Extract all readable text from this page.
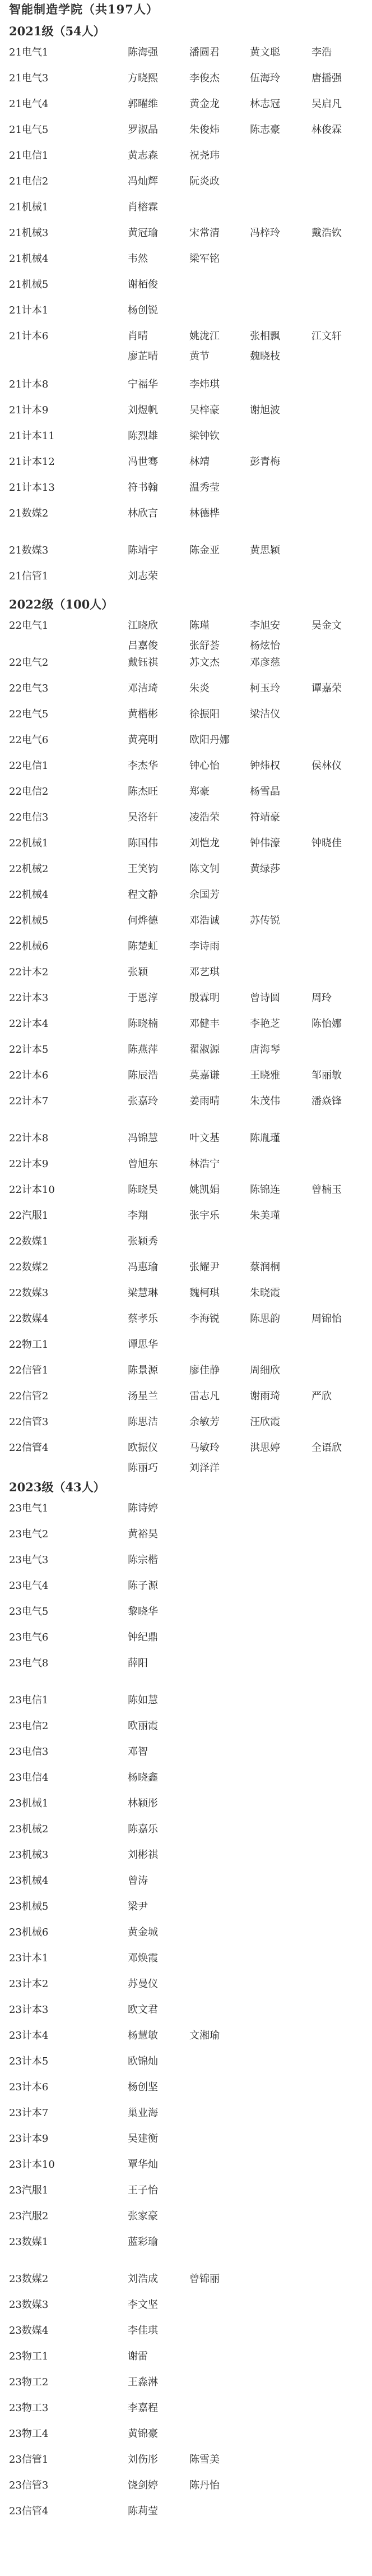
智能制造学院（共197人）
2021级（54人）
21电气1	陈海强	潘圆君	黄文聪	李浩
21电气3	方晓熙	李俊杰	伍海玲	唐播强
21电气4	郭曜维	黄金龙	林志冠	吴启凡
21电气5	罗淑晶	朱俊炜	陈志豪	林俊霖
21电信1	黄志森	祝尧玮
21电信2	冯灿辉	阮炎政
21机械1	肖榕霖
21机械3	黄冠瑜	宋常清	冯梓玲	戴浩钦
21机械4	韦然	梁军铭
21机械5	谢栢俊
21计本1	杨创锐
21计本6	肖晴	姚泷江	张相飘	江文轩
廖芷晴	黄节	魏晓枝
21计本8	宁福华	李炜琪
21计本9	刘煜帆	吴梓豪	谢旭波
21计本11	陈烈雄	梁钟钦
21计本12	冯世骞	林靖	彭青梅
21计本13	符书翰	温秀莹
21数媒2	林欣言	林德桦
21数媒3	陈靖宇	陈金亚	黄思颖
21信管1	刘志荣
2022级（100人）
22电气1	江晓欣	陈瑾	李旭安	吴金文
吕嘉俊	张舒荟	杨炫怡
22电气2	戴钰祺	苏文杰	邓彦慈
22电气3	邓洁琦	朱炎	柯玉玲	谭嘉荣
22电气5	黄楷彬	徐振阳	梁洁仪
22电气6	黄亮明	欧阳丹娜
22电信1	李杰华	钟心怡	钟炜权	侯林仪
22电信2	陈杰旺	郑豪	杨雪晶
22电信3	吴洛轩	凌浩荣	符靖豪
22机械1	陈国伟	刘恺龙	钟伟濠	钟晓佳
22机械2	王笑钧	陈文钊	黄绿莎
22机械4	程文静	余国芳
22机械5	何烨德	邓浩诚	苏传锐
22机械6	陈楚虹	李诗雨
22计本2	张颖	邓艺琪
22计本3	于恩淳	殷霖明	曾诗圆	周玲
22计本4	陈晓楠	邓健丰	李艳芝	陈怡娜
22计本5	陈燕萍	翟淑源	唐海琴
22计本6	陈辰浩	莫嘉谦	王晓雅	邹丽敏
22计本7	张嘉玲	姜雨晴	朱茂伟	潘焱锋
22计本8	冯锦慧	叶文基	陈胤瑾
22计本9	曾旭东	林浩宁
22计本10	陈晓昊	姚凯娟	陈锦连	曾楠玉
22汽服1	李翔	张宇乐	朱美瑾
22数媒1	张颖秀
22数媒2	冯惠瑜	张耀尹	蔡润桐
22数媒3	梁慧琳	魏柯琪	朱晓霞
22数媒4	蔡孝乐	李海锐	陈思韵	周锦怡
22物工1	谭思华
22信管1	陈景源	廖佳静	周细欣
22信管2	汤星兰	雷志凡	谢雨琦	严欣
22信管3	陈思洁	余敏芳	汪欣霞
22信管4	欧振仪	马敏玲	洪思婷	全语欣
陈丽巧	刘泽洋
2023级（43人）
23电气1	陈诗婷
23电气2	黄裕昊
23电气3	陈宗楷
23电气4	陈子源
23电气5	黎晓华
23电气6	钟纪鼎
23电气8	薛阳
23电信1	陈如慧
23电信2	欧丽霞
23电信3	邓智
23电信4	杨晓鑫
23机械1	林颖彤
23机械2	陈嘉乐
23机械3	刘彬祺
23机械4	曾涛
23机械5	梁尹
23机械6	黄金城
23计本1	邓焕霞
23计本2	苏曼仪
23计本3	欧文君
23计本4	杨慧敏	文湘瑜
23计本5	欧锦灿
23计本6	杨创坚
23计本7	巢业海
23计本9	吴建衡
23计本10	覃华灿
23汽服1	王子怡
23汽服2	张家豪
23数媒1	蓝彩瑜
23数媒2	刘浩成	曾锦丽
23数媒3	李文坚
23数媒4	李佳琪
23物工1	谢雷
23物工2	王淼淋
23物工3	李嘉程
23物工4	黄锦豪
23信管1	刘伤彤	陈雪美
23信管3	饶剑婷	陈丹怡
23信管4	陈莉莹
